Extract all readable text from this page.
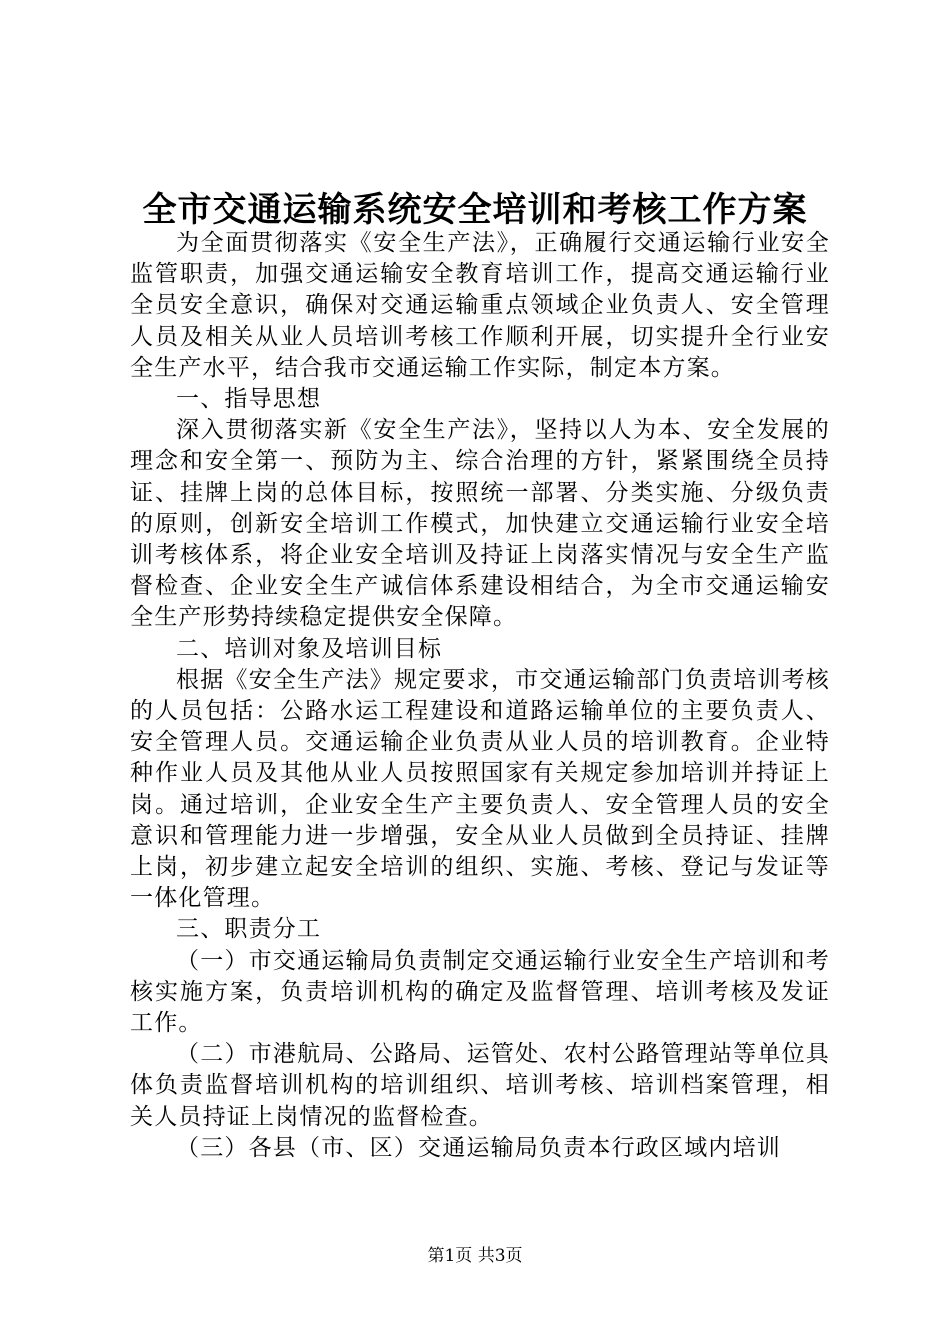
全市交通运输系统安全培训和考核工作方案

为全面贯彻落实《安全生产法》，正确履行交通运输行业安全监管职责，加强交通运输安全教育培训工作，提高交通运输行业全员安全意识，确保对交通运输重点领域企业负责人、安全管理人员及相关从业人员培训考核工作顺利开展，切实提升全行业安全生产水平，结合我市交通运输工作实际，制定本方案。

一、指导思想

深入贯彻落实新《安全生产法》，坚持以人为本、安全发展的理念和安全第一、预防为主、综合治理的方针，紧紧围绕全员持证、挂牌上岗的总体目标，按照统一部署、分类实施、分级负责的原则，创新安全培训工作模式，加快建立交通运输行业安全培训考核体系，将企业安全培训及持证上岗落实情况与安全生产监督检查、企业安全生产诚信体系建设相结合，为全市交通运输安全生产形势持续稳定提供安全保障。

二、培训对象及培训目标

根据《安全生产法》规定要求，市交通运输部门负责培训考核的人员包括：公路水运工程建设和道路运输单位的主要负责人、安全管理人员。交通运输企业负责从业人员的培训教育。企业特种作业人员及其他从业人员按照国家有关规定参加培训并持证上岗。通过培训，企业安全生产主要负责人、安全管理人员的安全意识和管理能力进一步增强，安全从业人员做到全员持证、挂牌上岗，初步建立起安全培训的组织、实施、考核、登记与发证等一体化管理。

三、职责分工

（一）市交通运输局负责制定交通运输行业安全生产培训和考核实施方案，负责培训机构的确定及监督管理、培训考核及发证工作。

（二）市港航局、公路局、运管处、农村公路管理站等单位具体负责监督培训机构的培训组织、培训考核、培训档案管理，相关人员持证上岗情况的监督检查。

（三）各县（市、区）交通运输局负责本行政区域内培训

第1页 共3页
